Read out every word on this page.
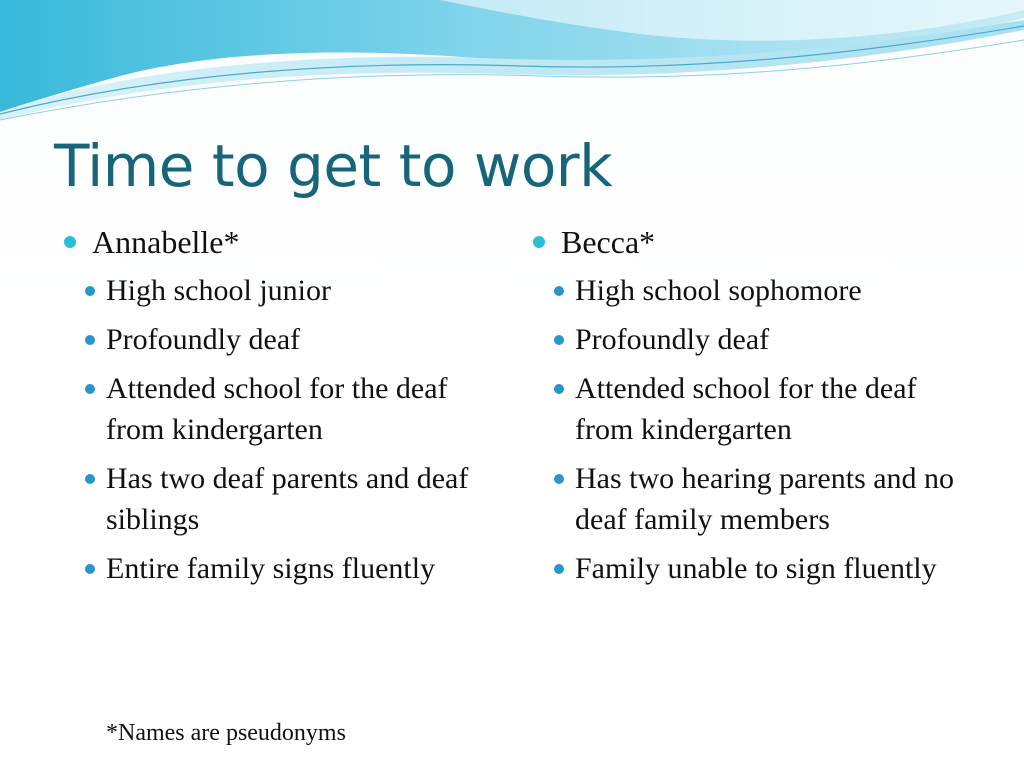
Time to get to work
Annabelle*
High school junior
Profoundly deaf
Attended school for the deaf from kindergarten
Has two deaf parents and deaf siblings
Entire family signs fluently
Becca*
High school sophomore
Profoundly deaf
Attended school for the deaf from kindergarten
Has two hearing parents and no deaf family members
Family unable to sign fluently
*Names are pseudonyms
